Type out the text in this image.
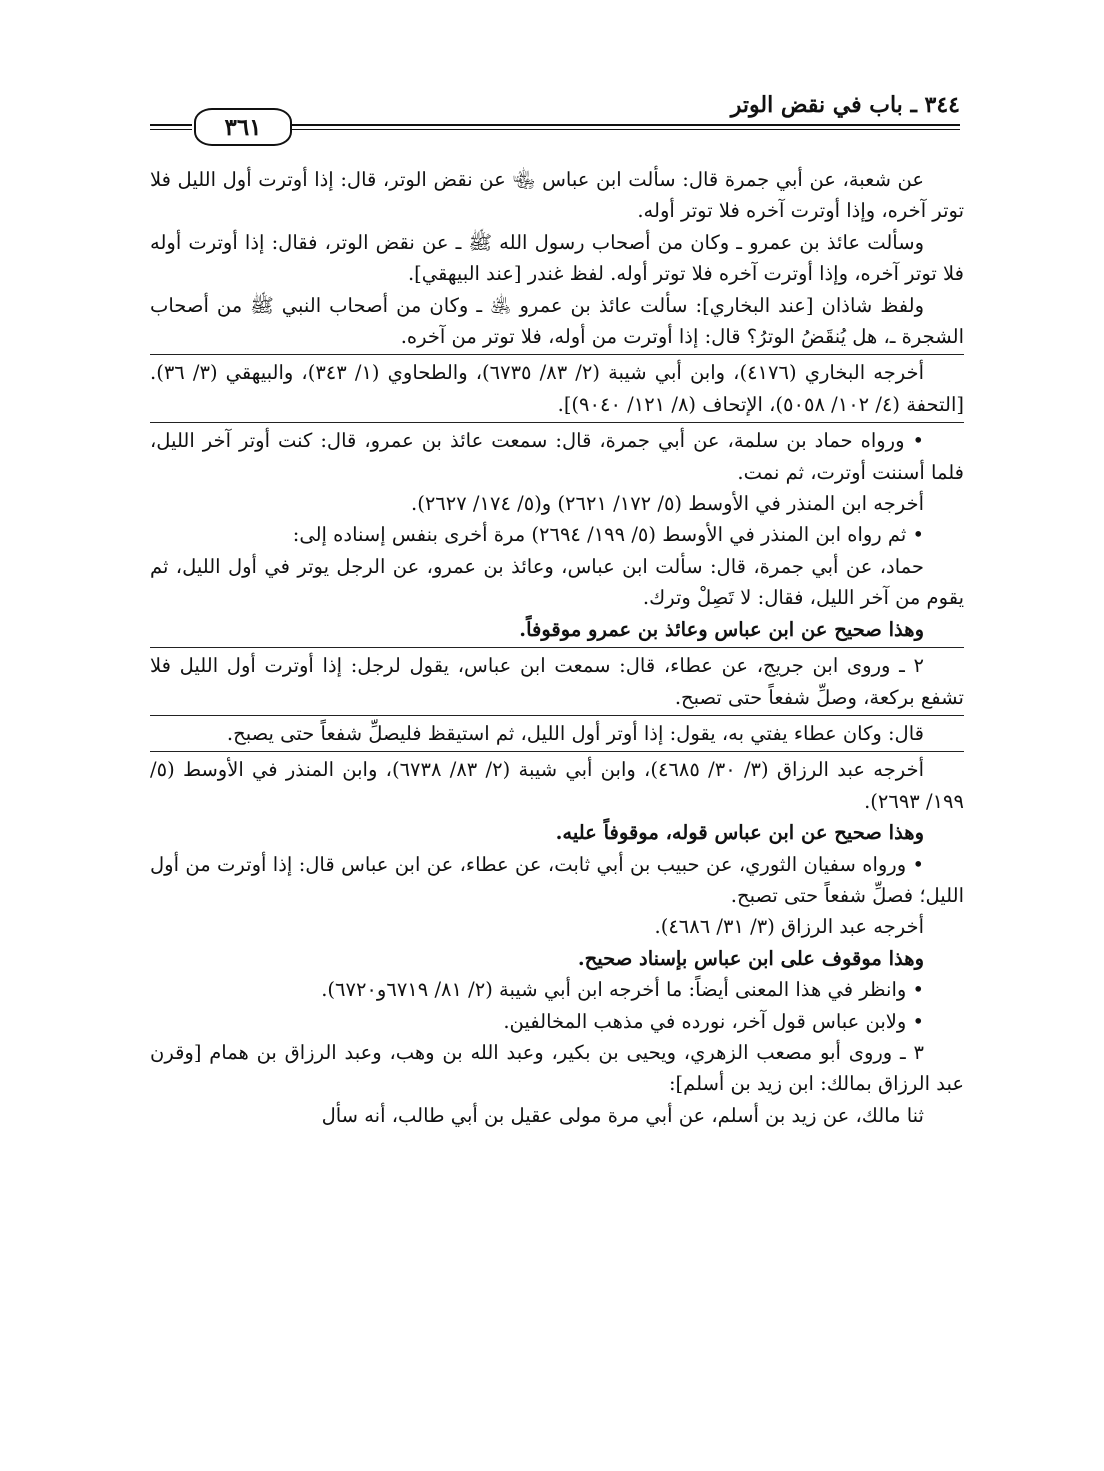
٣٤٤ ـ باب في نقض الوتر
٣٦١

عن شعبة، عن أبي جمرة قال: سألت ابن عباس ﵄ عن نقض الوتر، قال: إذا أوترت أول الليل فلا توتر آخره، وإذا أوترت آخره فلا توتر أوله.

وسألت عائذ بن عمرو ـ وكان من أصحاب رسول الله ﷺ ـ عن نقض الوتر، فقال: إذا أوترت أوله فلا توتر آخره، وإذا أوترت آخره فلا توتر أوله. لفظ غندر [عند البيهقي].

ولفظ شاذان [عند البخاري]: سألت عائذ بن عمرو ﵁ ـ وكان من أصحاب النبي ﷺ من أصحاب الشجرة ـ، هل يُنقَضُ الوترُ؟ قال: إذا أوترت من أوله، فلا توتر من آخره.

أخرجه البخاري (٤١٧٦)، وابن أبي شيبة (٢/ ٨٣/ ٦٧٣٥)، والطحاوي (١/ ٣٤٣)، والبيهقي (٣/ ٣٦). [التحفة (٤/ ١٠٢/ ٥٠٥٨)، الإتحاف (٨/ ١٢١/ ٩٠٤٠)].

• ورواه حماد بن سلمة، عن أبي جمرة، قال: سمعت عائذ بن عمرو، قال: كنت أوتر آخر الليل، فلما أسننت أوترت، ثم نمت.

أخرجه ابن المنذر في الأوسط (٥/ ١٧٢/ ٢٦٢١) و(٥/ ١٧٤/ ٢٦٢٧).

• ثم رواه ابن المنذر في الأوسط (٥/ ١٩٩/ ٢٦٩٤) مرة أخرى بنفس إسناده إلى:

حماد، عن أبي جمرة، قال: سألت ابن عباس، وعائذ بن عمرو، عن الرجل يوتر في أول الليل، ثم يقوم من آخر الليل، فقال: لا تَصِلْ وترك.

وهذا صحيح عن ابن عباس وعائذ بن عمرو موقوفاً.

٢ ـ وروى ابن جريج، عن عطاء، قال: سمعت ابن عباس، يقول لرجل: إذا أوترت أول الليل فلا تشفع بركعة، وصلِّ شفعاً حتى تصبح.

قال: وكان عطاء يفتي به، يقول: إذا أوتر أول الليل، ثم استيقظ فليصلِّ شفعاً حتى يصبح.

أخرجه عبد الرزاق (٣/ ٣٠/ ٤٦٨٥)، وابن أبي شيبة (٢/ ٨٣/ ٦٧٣٨)، وابن المنذر في الأوسط (٥/ ١٩٩/ ٢٦٩٣).

وهذا صحيح عن ابن عباس قوله، موقوفاً عليه.

• ورواه سفيان الثوري، عن حبيب بن أبي ثابت، عن عطاء، عن ابن عباس قال: إذا أوترت من أول الليل؛ فصلِّ شفعاً حتى تصبح.

أخرجه عبد الرزاق (٣/ ٣١/ ٤٦٨٦).

وهذا موقوف على ابن عباس بإسناد صحيح.

• وانظر في هذا المعنى أيضاً: ما أخرجه ابن أبي شيبة (٢/ ٨١/ ٦٧١٩و٦٧٢٠).

• ولابن عباس قول آخر، نورده في مذهب المخالفين.

٣ ـ وروى أبو مصعب الزهري، ويحيى بن بكير، وعبد الله بن وهب، وعبد الرزاق بن همام [وقرن عبد الرزاق بمالك: ابن زيد بن أسلم]:

ثنا مالك، عن زيد بن أسلم، عن أبي مرة مولى عقيل بن أبي طالب، أنه سأل
